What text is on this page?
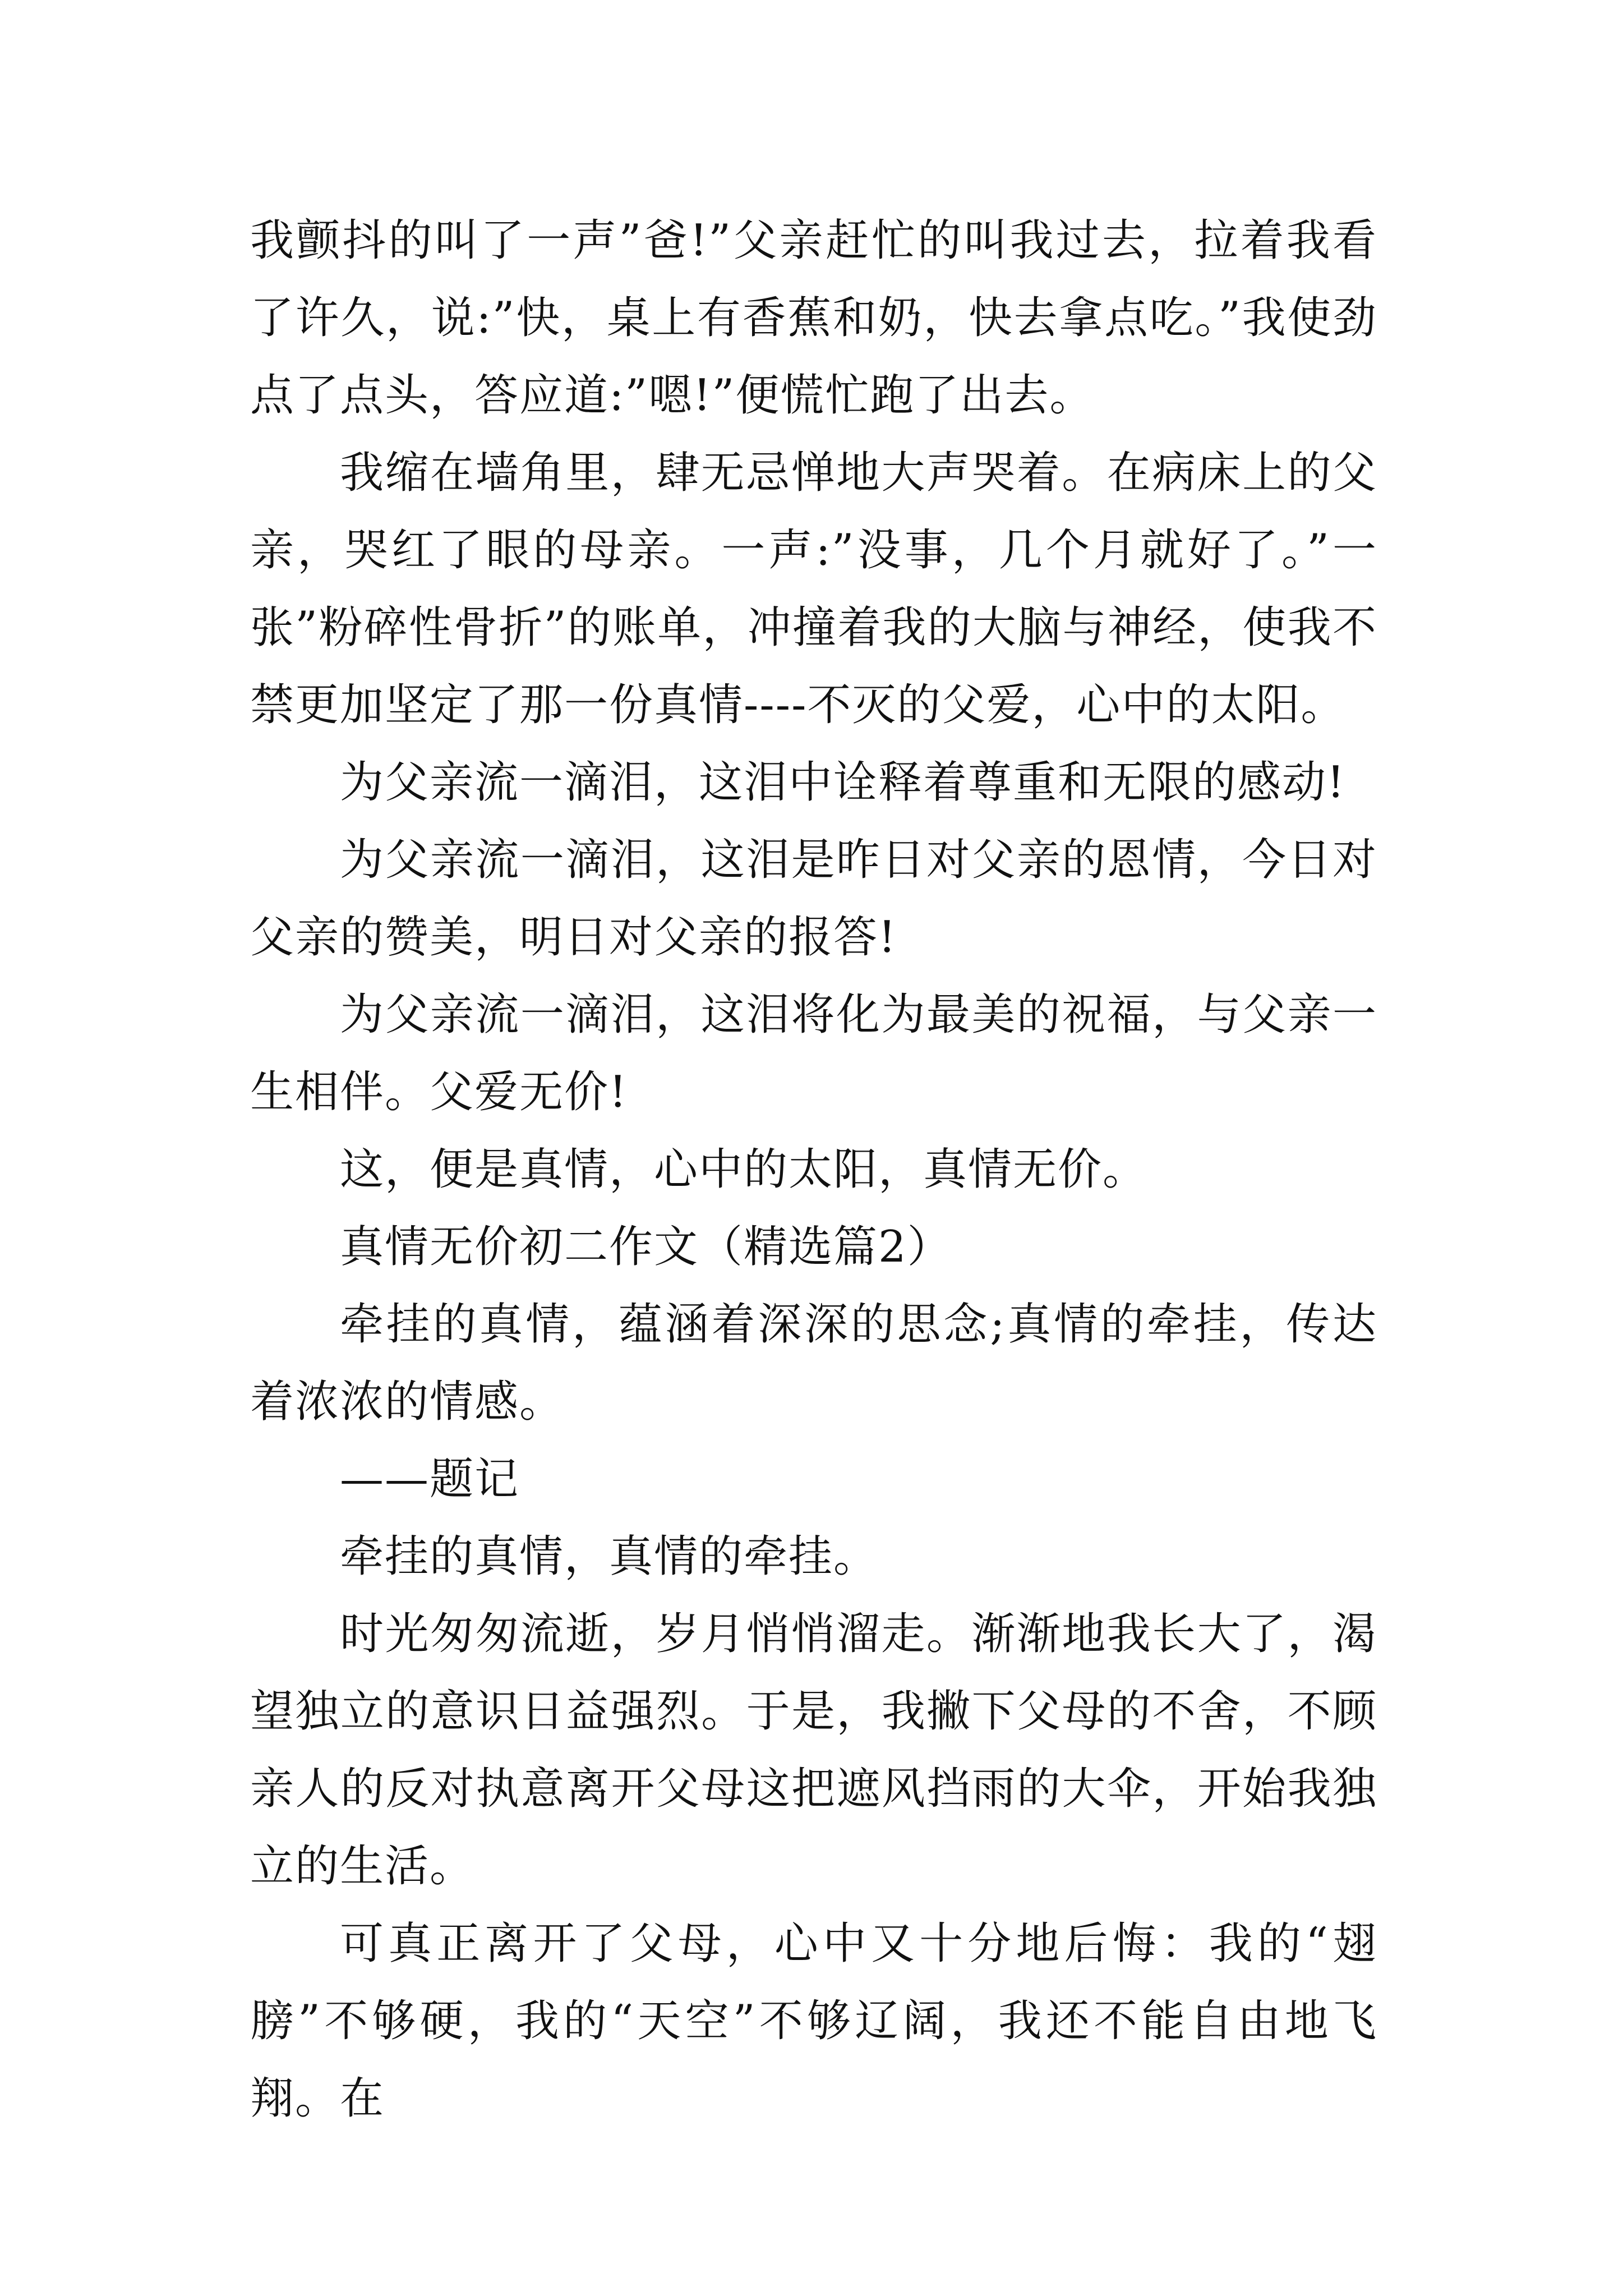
我颤抖的叫了一声”爸!”父亲赶忙的叫我过去，拉着我看了许久，说:”快，桌上有香蕉和奶，快去拿点吃。”我使劲点了点头，答应道:”嗯!”便慌忙跑了出去。

我缩在墙角里，肆无忌惮地大声哭着。在病床上的父亲，哭红了眼的母亲。一声:”没事，几个月就好了。”一张”粉碎性骨折”的账单，冲撞着我的大脑与神经，使我不禁更加坚定了那一份真情----不灭的父爱，心中的太阳。

为父亲流一滴泪，这泪中诠释着尊重和无限的感动!

为父亲流一滴泪，这泪是昨日对父亲的恩情，今日对父亲的赞美，明日对父亲的报答!

为父亲流一滴泪，这泪将化为最美的祝福，与父亲一生相伴。父爱无价!

这，便是真情，心中的太阳，真情无价。

真情无价初二作文（精选篇2）

牵挂的真情，蕴涵着深深的思念;真情的牵挂，传达着浓浓的情感。

——题记

牵挂的真情，真情的牵挂。

时光匆匆流逝，岁月悄悄溜走。渐渐地我长大了，渴望独立的意识日益强烈。于是，我撇下父母的不舍，不顾亲人的反对执意离开父母这把遮风挡雨的大伞，开始我独立的生活。

可真正离开了父母，心中又十分地后悔：我的“翅膀”不够硬，我的“天空”不够辽阔，我还不能自由地飞翔。在
